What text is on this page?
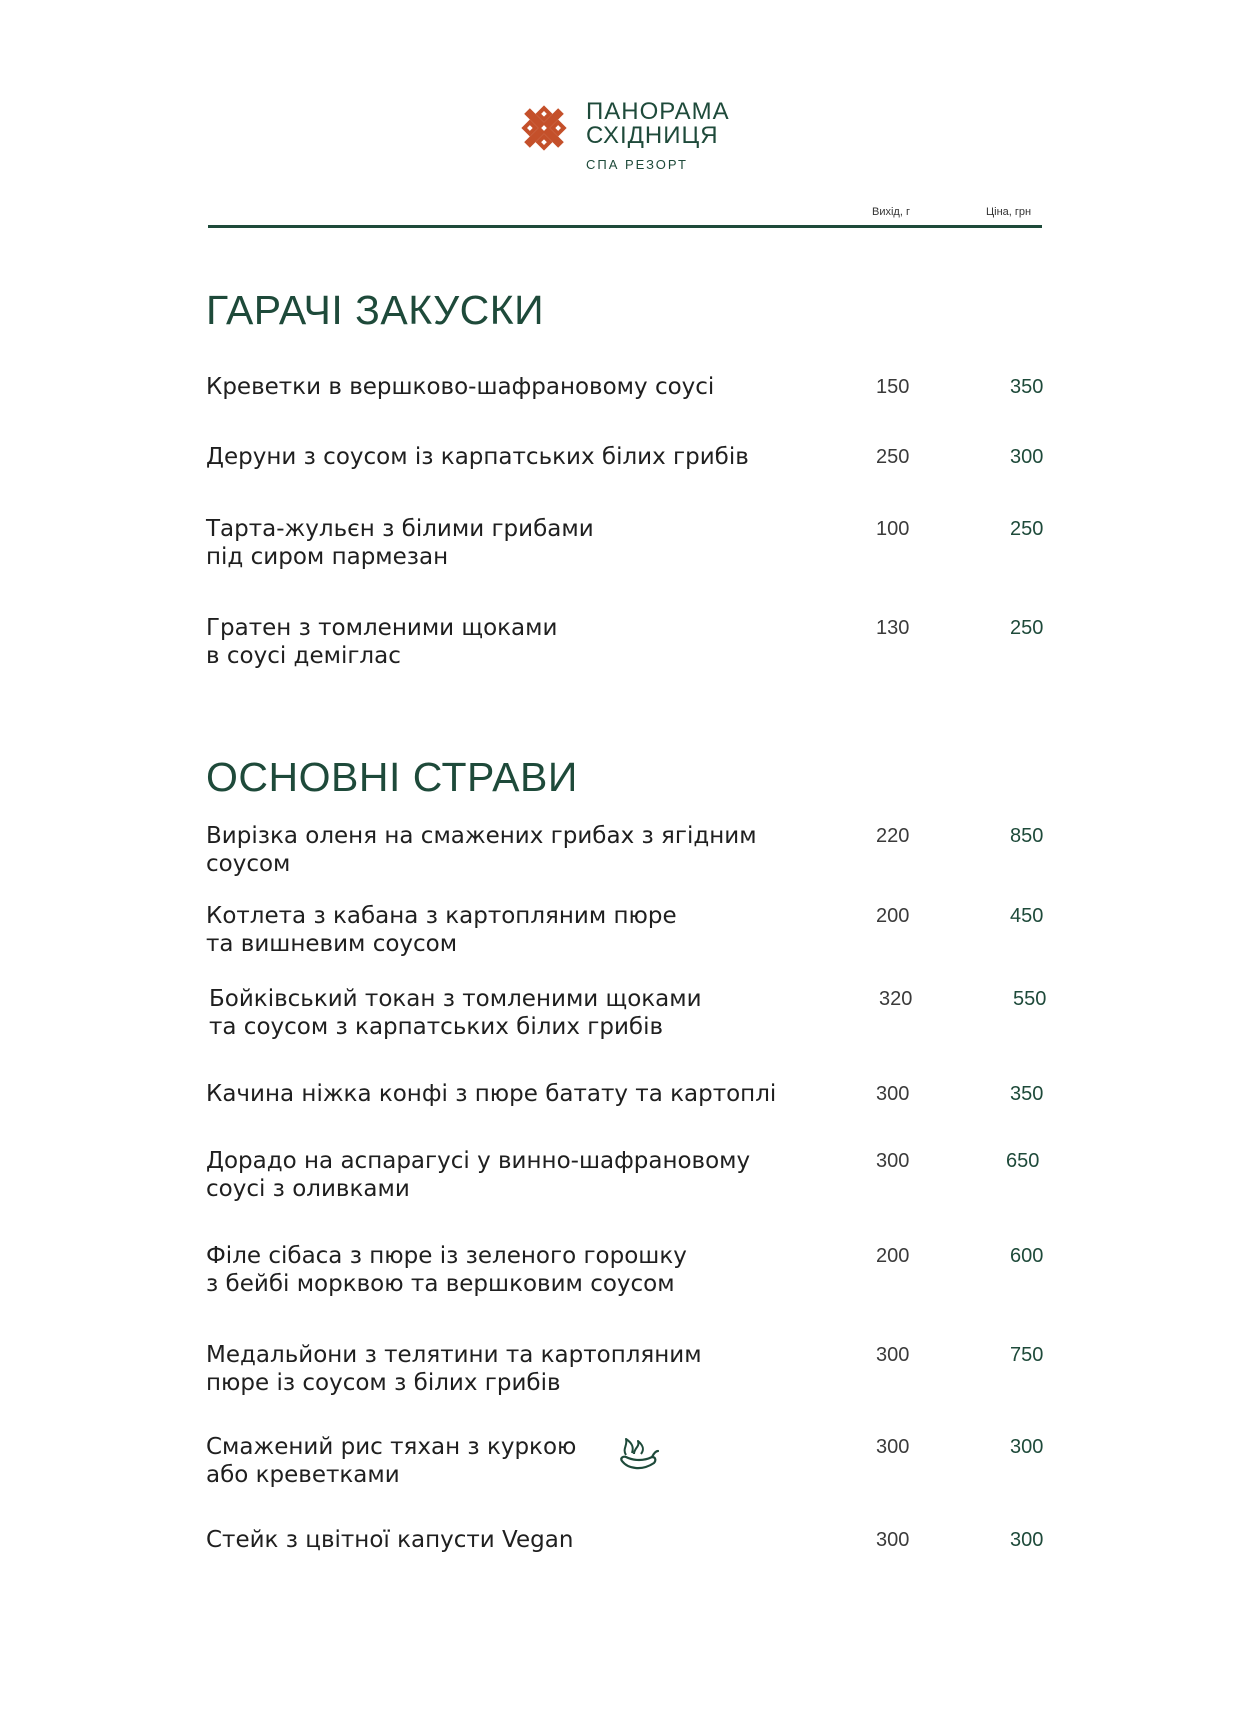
ПАНОРАМА
СХІДНИЦЯ
СПА РЕЗОРТ
Вихід, г	Ціна, грн
ГАРАЧІ ЗАКУСКИ
Креветки в вершково-шафрановому соусі	150	350
Деруни з соусом із карпатських білих грибів	250	300
Тарта-жульєн з білими грибами
під сиром пармезан
100	250
Гратен з томленими щоками
в соусі деміглас
130	250
ОСНОВНІ СТРАВИ
Вирізка оленя на смажених грибах з ягідним
соусом
220	850
Котлета з кабана з картопляним пюре
та вишневим соусом
200	450
Бойківський токан з томленими щоками
та соусом з карпатських білих грибів
320	550
Качина ніжка конфі з пюре батату та картоплі	300	350
Дорадо на аспарагусі у винно-шафрановому
соусі з оливками
300	650
Філе сібаса з пюре із зеленого горошку
з бейбі морквою та вершковим соусом
200	600
Медальйони з телятини та картопляним
пюре із соусом з білих грибів
300	750
Смажений рис тяхан з куркою
або креветками
300	300
Стейк з цвітної капусти Vegan	300	300
